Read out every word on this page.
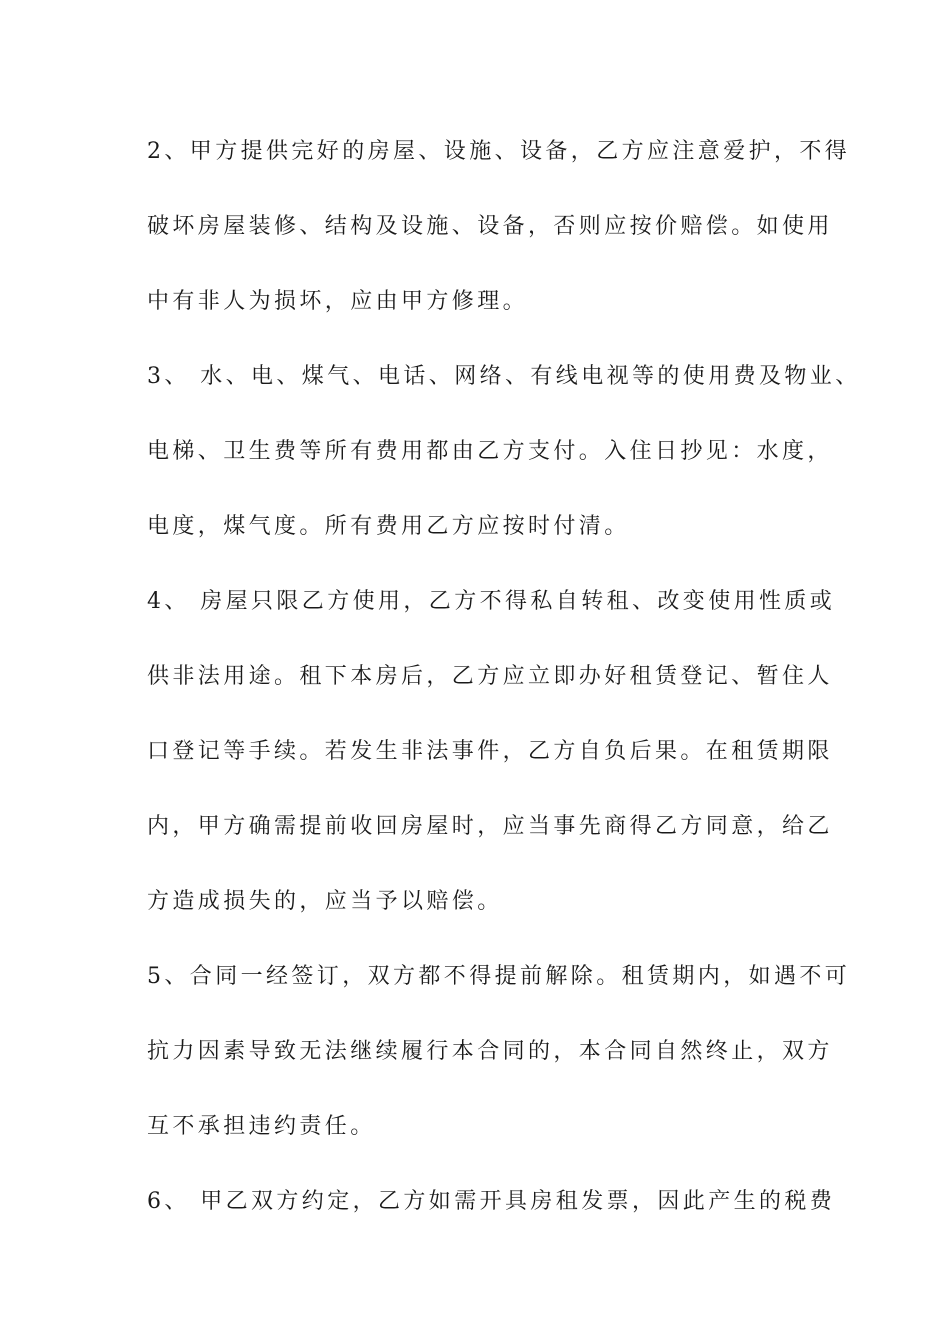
2、甲方提供完好的房屋、设施、设备，乙方应注意爱护，不得

破坏房屋装修、结构及设施、设备，否则应按价赔偿。如使用

中有非人为损坏，应由甲方修理。

3、 水、电、煤气、电话、网络、有线电视等的使用费及物业、

电梯、卫生费等所有费用都由乙方支付。入住日抄见：水度，

电度，煤气度。所有费用乙方应按时付清。

4、 房屋只限乙方使用，乙方不得私自转租、改变使用性质或

供非法用途。租下本房后，乙方应立即办好租赁登记、暂住人

口登记等手续。若发生非法事件，乙方自负后果。在租赁期限

内，甲方确需提前收回房屋时，应当事先商得乙方同意，给乙

方造成损失的，应当予以赔偿。

5、合同一经签订，双方都不得提前解除。租赁期内，如遇不可

抗力因素导致无法继续履行本合同的，本合同自然终止，双方

互不承担违约责任。

6、 甲乙双方约定，乙方如需开具房租发票，因此产生的税费
